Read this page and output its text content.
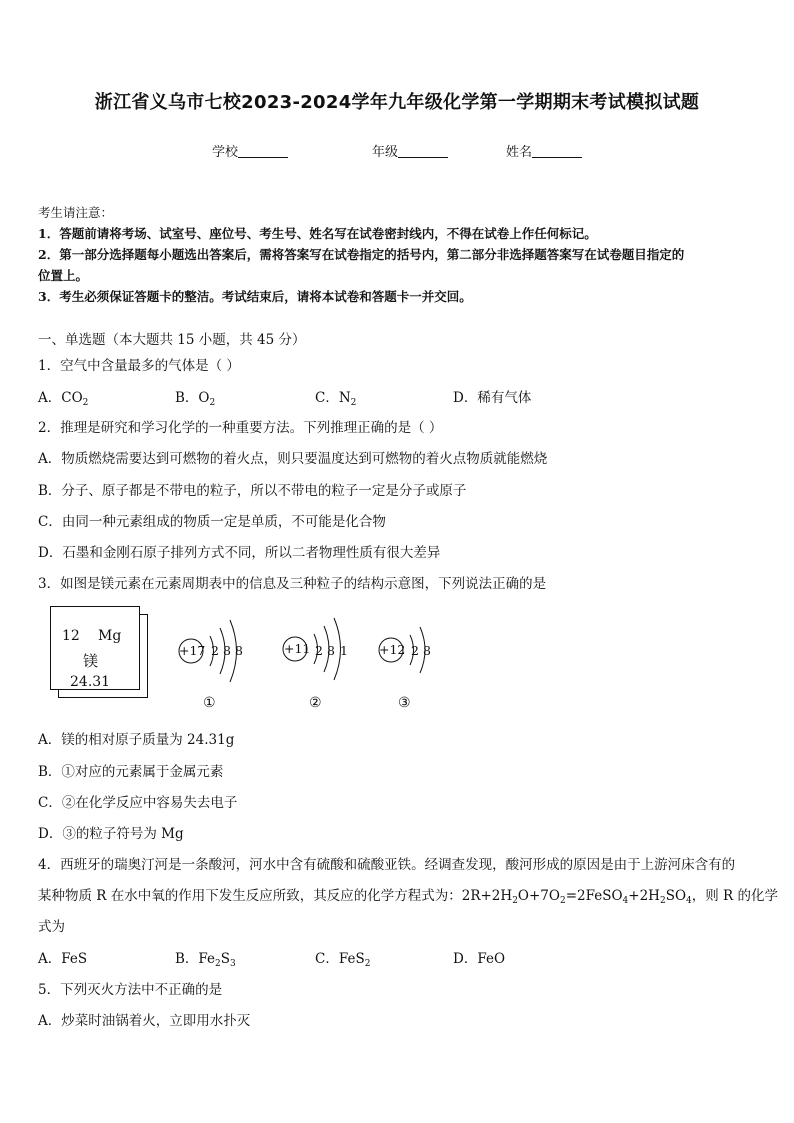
浙江省义乌市七校2023-2024学年九年级化学第一学期期末考试模拟试题
学校	年级	姓名
考生请注意：
1．答题前请将考场、试室号、座位号、考生号、姓名写在试卷密封线内，不得在试卷上作任何标记。
2．第一部分选择题每小题选出答案后，需将答案写在试卷指定的括号内，第二部分非选择题答案写在试卷题目指定的
位置上。
3．考生必须保证答题卡的整洁。考试结束后，请将本试卷和答题卡一并交回。
一、单选题（本大题共 15 小题，共 45 分）
1．空气中含量最多的气体是（ ）
A．$CO_2$	B．$O_2$	C．$N_2$	D．稀有气体
2．推理是研究和学习化学的一种重要方法。下列推理正确的是（ ）
A．物质燃烧需要达到可燃物的着火点，则只要温度达到可燃物的着火点物质就能燃烧
B．分子、原子都是不带电的粒子，所以不带电的粒子一定是分子或原子
C．由同一种元素组成的物质一定是单质，不可能是化合物
D．石墨和金刚石原子排列方式不同，所以二者物理性质有很大差异
3．如图是镁元素在元素周期表中的信息及三种粒子的结构示意图，下列说法正确的是
12 Mg
镁
24.31
+17 2 8 8
①
+11 2 8 1
②
+12 2 8
③
A．镁的相对原子质量为 24.31g
B．①对应的元素属于金属元素
C．②在化学反应中容易失去电子
D．③的粒子符号为 Mg
4．西班牙的瑞奥汀河是一条酸河，河水中含有硫酸和硫酸亚铁。经调查发现，酸河形成的原因是由于上游河床含有的
某种物质 R 在水中氧的作用下发生反应所致，其反应的化学方程式为：$2R+2H_2O+7O_2=2FeSO_4+2H_2SO_4$，则 R 的化学
式为
A．FeS	B．$Fe_2S_3$	C．FeS$_2$	D．FeO
5．下列灭火方法中不正确的是
A．炒菜时油锅着火，立即用水扑灭
